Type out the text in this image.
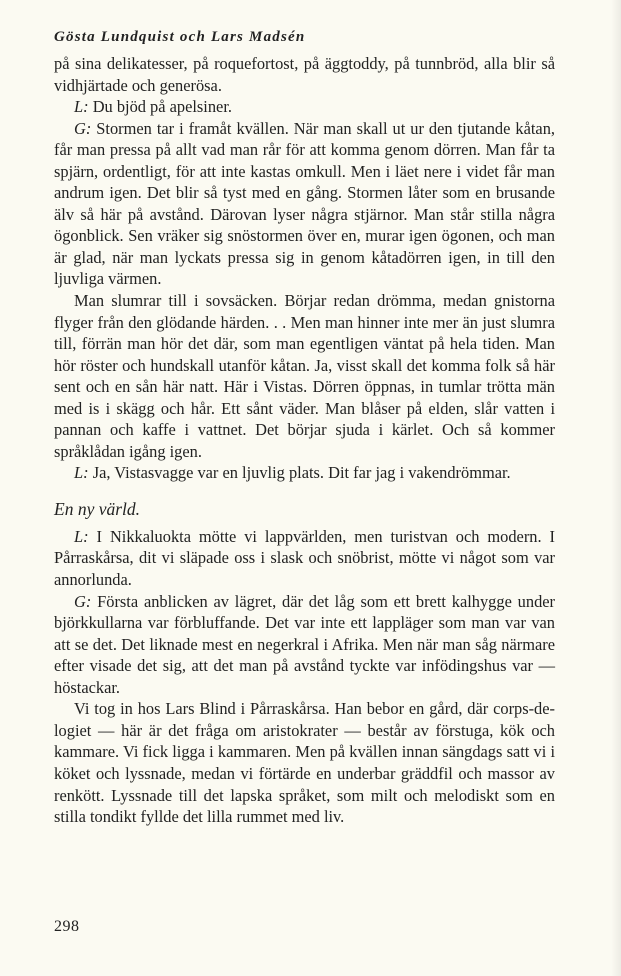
Gösta Lundquist och Lars Madsén

på sina delikatesser, på roquefortost, på äggtoddy, på tunnbröd, alla blir så vidhjärtade och generösa.

L: Du bjöd på apelsiner.

G: Stormen tar i framåt kvällen. När man skall ut ur den tjutande kåtan, får man pressa på allt vad man rår för att komma genom dörren. Man får ta spjärn, ordentligt, för att inte kastas omkull. Men i läet nere i videt får man andrum igen. Det blir så tyst med en gång. Stormen låter som en brusande älv så här på avstånd. Därovan lyser några stjärnor. Man står stilla några ögonblick. Sen vräker sig snöstormen över en, murar igen ögonen, och man är glad, när man lyckats pressa sig in genom kåtadörren igen, in till den ljuvliga värmen.

Man slumrar till i sovsäcken. Börjar redan drömma, medan gnistorna flyger från den glödande härden. . . Men man hinner inte mer än just slumra till, förrän man hör det där, som man egentligen väntat på hela tiden. Man hör röster och hundskall utanför kåtan. Ja, visst skall det komma folk så här sent och en sån här natt. Här i Vistas. Dörren öppnas, in tumlar trötta män med is i skägg och hår. Ett sånt väder. Man blåser på elden, slår vatten i pannan och kaffe i vattnet. Det börjar sjuda i kärlet. Och så kommer språklådan igång igen.

L: Ja, Vistasvagge var en ljuvlig plats. Dit far jag i vakendrömmar.

En ny värld.

L: I Nikkaluokta mötte vi lappvärlden, men turistvan och modern. I Pårraskårsa, dit vi släpade oss i slask och snöbrist, mötte vi något som var annorlunda.

G: Första anblicken av lägret, där det låg som ett brett kalhygge under björkkullarna var förbluffande. Det var inte ett lappläger som man var van att se det. Det liknade mest en negerkral i Afrika. Men när man såg närmare efter visade det sig, att det man på avstånd tyckte var infödingshus var — höstackar.

Vi tog in hos Lars Blind i Pårraskårsa. Han bebor en gård, där corps-de-logiet — här är det fråga om aristokrater — består av förstuga, kök och kammare. Vi fick ligga i kammaren. Men på kvällen innan sängdags satt vi i köket och lyssnade, medan vi förtärde en underbar gräddfil och massor av renkött. Lyssnade till det lapska språket, som milt och melodiskt som en stilla tondikt fyllde det lilla rummet med liv.

298
